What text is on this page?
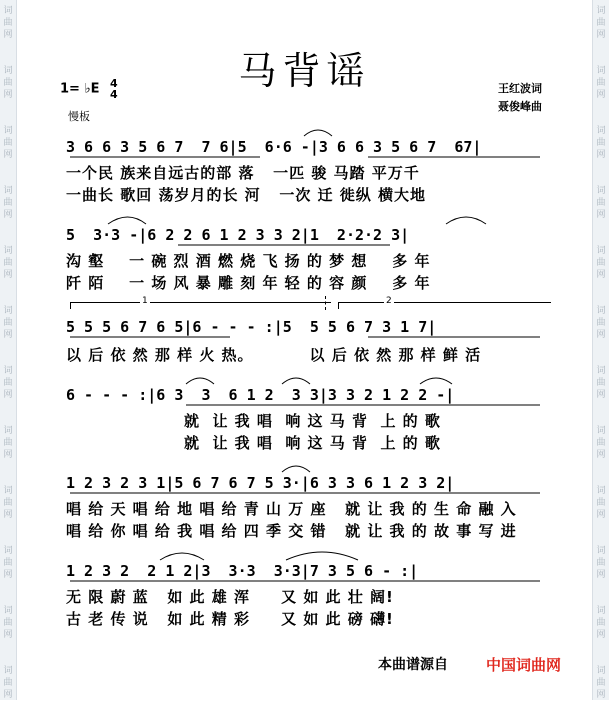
词
曲
网
词
曲
网
词
曲
网
词
曲
网
词
曲
网
词
曲
网
词
曲
网
词
曲
网
词
曲
网
词
曲
网
词
曲
网
词
曲
网
词
曲
网
词
曲
网
词
曲
网
词
曲
网
词
曲
网
词
曲
网
词
曲
网
词
曲
网
词
曲
网
词
曲
网
词
曲
网
词
曲
网
马背谣
1= ♭E 4
4
慢板
王红波词
聂俊峰曲
3 6 6 3 5 6 7  7 6|5  6·6 -|3 6 6 3 5 6 7  67|
一个民 族来自远古的部 落   一匹 骏 马踏 平万千
一曲长 歌回 荡岁月的长 河   一次 迁 徙纵 横大地
5  3·3 -|6 2 2 6 1 2 3 3 2|1  2·2·2 3|
沟 壑    一 碗 烈 酒 燃 烧 飞 扬 的 梦 想    多 年
阡 陌    一 场 风 暴 雕 刻 年 轻 的 容 颜    多 年
1	2
5 5 5 6 7 6 5|6 - - - :|5  5 5 6 7 3 1 7|
以 后 依 然 那 样 火 热。         以 后 依 然 那 样 鲜 活
6 - - - :|6 3  3  6 1 2  3 3|3 3 2 1 2 2 -|
就  让 我 唱  响 这 马 背  上 的 歌
就  让 我 唱  响 这 马 背  上 的 歌
1 2 3 2 3 1|5 6 7 6 7 5 3·|6 3 3 6 1 2 3 2|
唱 给 天 唱 给 地 唱 给 青 山 万 座   就 让 我 的 生 命 融 入
唱 给 你 唱 给 我 唱 给 四 季 交 错   就 让 我 的 故 事 写 进
1 2 3 2  2 1 2|3  3·3  3·3|7 3 5 6 - :|
无 限 蔚 蓝   如 此 雄 浑     又 如 此 壮 阔!
古 老 传 说   如 此 精 彩     又 如 此 磅 礴!
本曲谱源自	中国词曲网
